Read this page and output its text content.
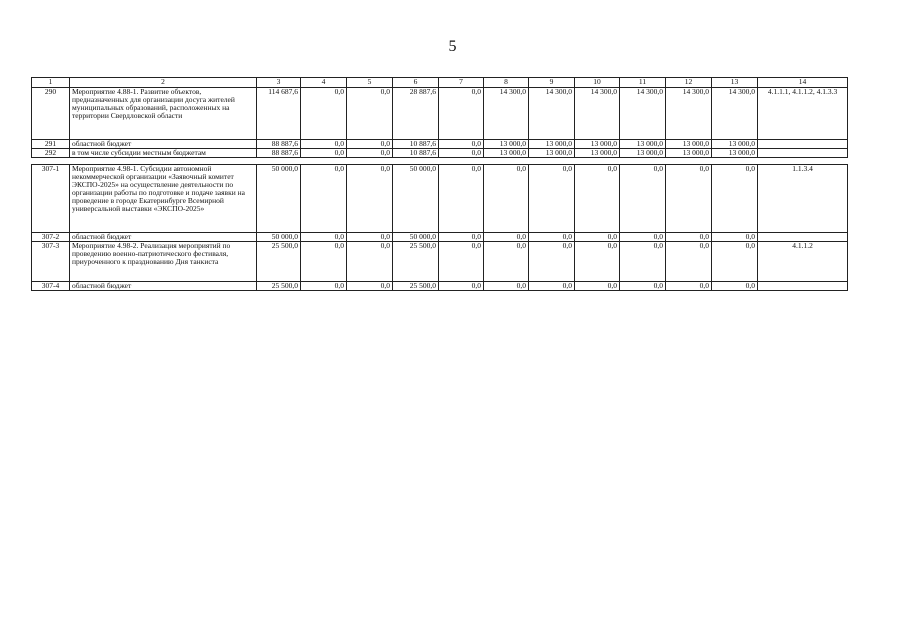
5
1	2	3	4	5	6	7	8	9	10	11	12	13	14
290	Мероприятие 4.88-1. Развитие объектов, предназначенных для организации досуга жителей муниципальных образований, расположенных на территории Свердловской области	114 687,6	0,0	0,0	28 887,6	0,0	14 300,0	14 300,0	14 300,0	14 300,0	14 300,0	14 300,0	4.1.1.1, 4.1.1.2, 4.1.3.3
291	областной бюджет	88 887,6	0,0	0,0	10 887,6	0,0	13 000,0	13 000,0	13 000,0	13 000,0	13 000,0	13 000,0	
292	в том числе субсидии местным бюджетам	88 887,6	0,0	0,0	10 887,6	0,0	13 000,0	13 000,0	13 000,0	13 000,0	13 000,0	13 000,0	
307-1	Мероприятие 4.98-1. Субсидии автономной некоммерческой организации «Заявочный комитет ЭКСПО-2025» на осуществление деятельности по организации работы по подготовке и подаче заявки на проведение в городе Екатеринбурге Всемирной универсальной выставки «ЭКСПО-2025»	50 000,0	0,0	0,0	50 000,0	0,0	0,0	0,0	0,0	0,0	0,0	0,0	1.1.3.4
307-2	областной бюджет	50 000,0	0,0	0,0	50 000,0	0,0	0,0	0,0	0,0	0,0	0,0	0,0	
307-3	Мероприятие 4.98-2. Реализация мероприятий по проведению военно-патриотического фестиваля, приуроченного к празднованию Дня танкиста	25 500,0	0,0	0,0	25 500,0	0,0	0,0	0,0	0,0	0,0	0,0	0,0	4.1.1.2
307-4	областной бюджет	25 500,0	0,0	0,0	25 500,0	0,0	0,0	0,0	0,0	0,0	0,0	0,0	
